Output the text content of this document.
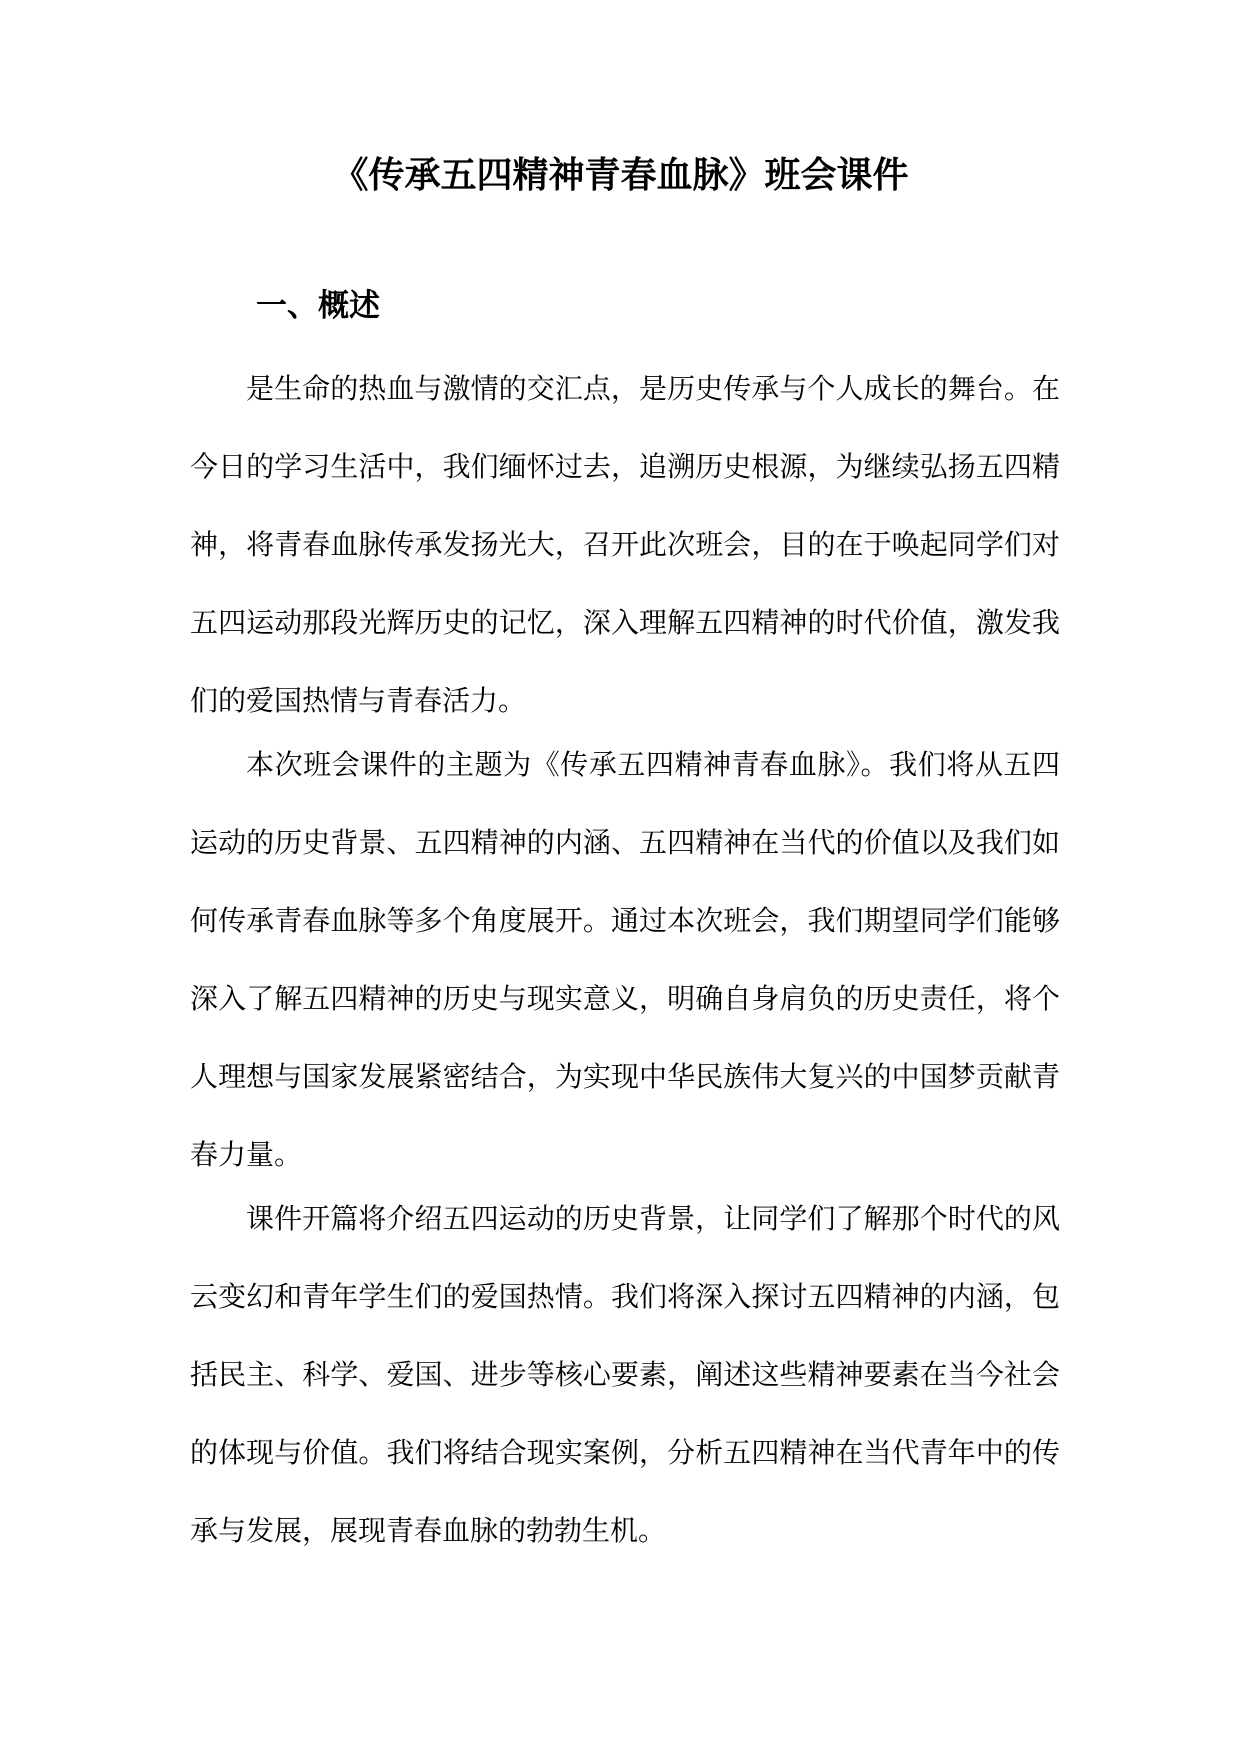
《传承五四精神青春血脉》班会课件
一、概述

是生命的热血与激情的交汇点，是历史传承与个人成长的舞台。在今日的学习生活中，我们缅怀过去，追溯历史根源，为继续弘扬五四精神，将青春血脉传承发扬光大，召开此次班会，目的在于唤起同学们对五四运动那段光辉历史的记忆，深入理解五四精神的时代价值，激发我们的爱国热情与青春活力。

本次班会课件的主题为《传承五四精神青春血脉》。我们将从五四运动的历史背景、五四精神的内涵、五四精神在当代的价值以及我们如何传承青春血脉等多个角度展开。通过本次班会，我们期望同学们能够深入了解五四精神的历史与现实意义，明确自身肩负的历史责任，将个人理想与国家发展紧密结合，为实现中华民族伟大复兴的中国梦贡献青春力量。

课件开篇将介绍五四运动的历史背景，让同学们了解那个时代的风云变幻和青年学生们的爱国热情。我们将深入探讨五四精神的内涵，包括民主、科学、爱国、进步等核心要素，阐述这些精神要素在当今社会的体现与价值。我们将结合现实案例，分析五四精神在当代青年中的传承与发展，展现青春血脉的勃勃生机。
